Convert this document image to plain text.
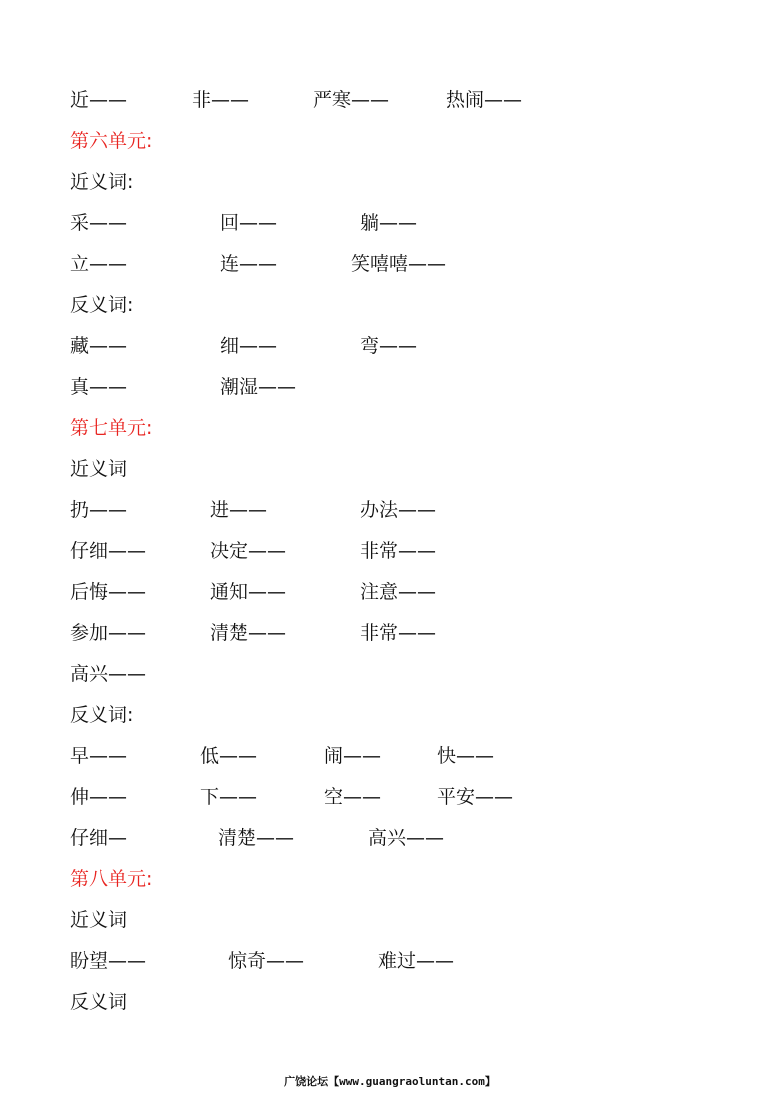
近——	非——	严寒——	热闹——
第六单元:
近义词:
采——	回——	躺——
立——	连——	笑嘻嘻——
反义词:
藏——	细——	弯——
真——	潮湿——
第七单元:
近义词
扔——	进——	办法——
仔细——	决定——	非常——
后悔——	通知——	注意——
参加——	清楚——	非常——
高兴——
反义词:
早——	低——	闹——	快——
伸——	下——	空——	平安——
仔细—	清楚——	高兴——
第八单元:
近义词
盼望——	惊奇——	难过——
反义词
广饶论坛【www.guangraoluntan.com】
